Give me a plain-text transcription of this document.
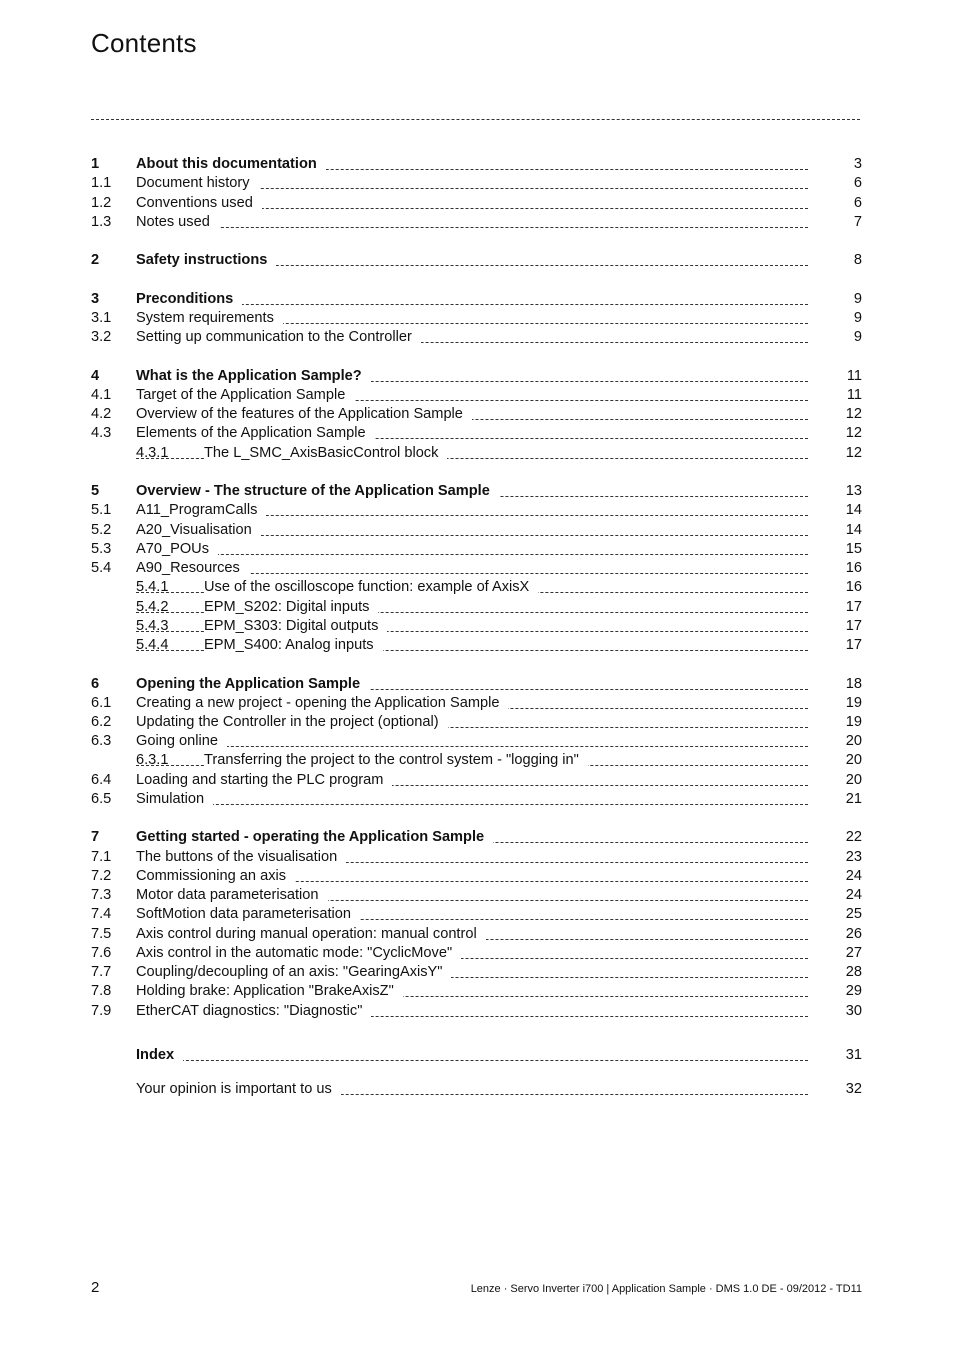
Contents
1	About this documentation	3
1.1 Document history	6
1.2 Conventions used	6
1.3 Notes used	7
2	Safety instructions	8
3	Preconditions	9
3.1 System requirements	9
3.2 Setting up communication to the Controller	9
4	What is the Application Sample?	11
4.1 Target of the Application Sample	11
4.2 Overview of the features of the Application Sample	12
4.3 Elements of the Application Sample	12
4.3.1 The L_SMC_AxisBasicControl block	12
5	Overview - The structure of the Application Sample	13
5.1 A11_ProgramCalls	14
5.2 A20_Visualisation	14
5.3 A70_POUs	15
5.4 A90_Resources	16
5.4.1 Use of the oscilloscope function: example of AxisX	16
5.4.2 EPM_S202: Digital inputs	17
5.4.3 EPM_S303: Digital outputs	17
5.4.4 EPM_S400: Analog inputs	17
6	Opening the Application Sample	18
6.1 Creating a new project - opening the Application Sample	19
6.2 Updating the Controller in the project (optional)	19
6.3 Going online	20
6.3.1 Transferring the project to the control system - "logging in"	20
6.4 Loading and starting the PLC program	20
6.5 Simulation	21
7	Getting started - operating the Application Sample	22
7.1 The buttons of the visualisation	23
7.2 Commissioning an axis	24
7.3 Motor data parameterisation	24
7.4 SoftMotion data parameterisation	25
7.5 Axis control during manual operation: manual control	26
7.6 Axis control in the automatic mode: "CyclicMove"	27
7.7 Coupling/decoupling of an axis: "GearingAxisY"	28
7.8 Holding brake: Application "BrakeAxisZ"	29
7.9 EtherCAT diagnostics: "Diagnostic"	30
Index	31
Your opinion is important to us	32
2	Lenze · Servo Inverter i700 | Application Sample · DMS 1.0 DE - 09/2012 - TD11
